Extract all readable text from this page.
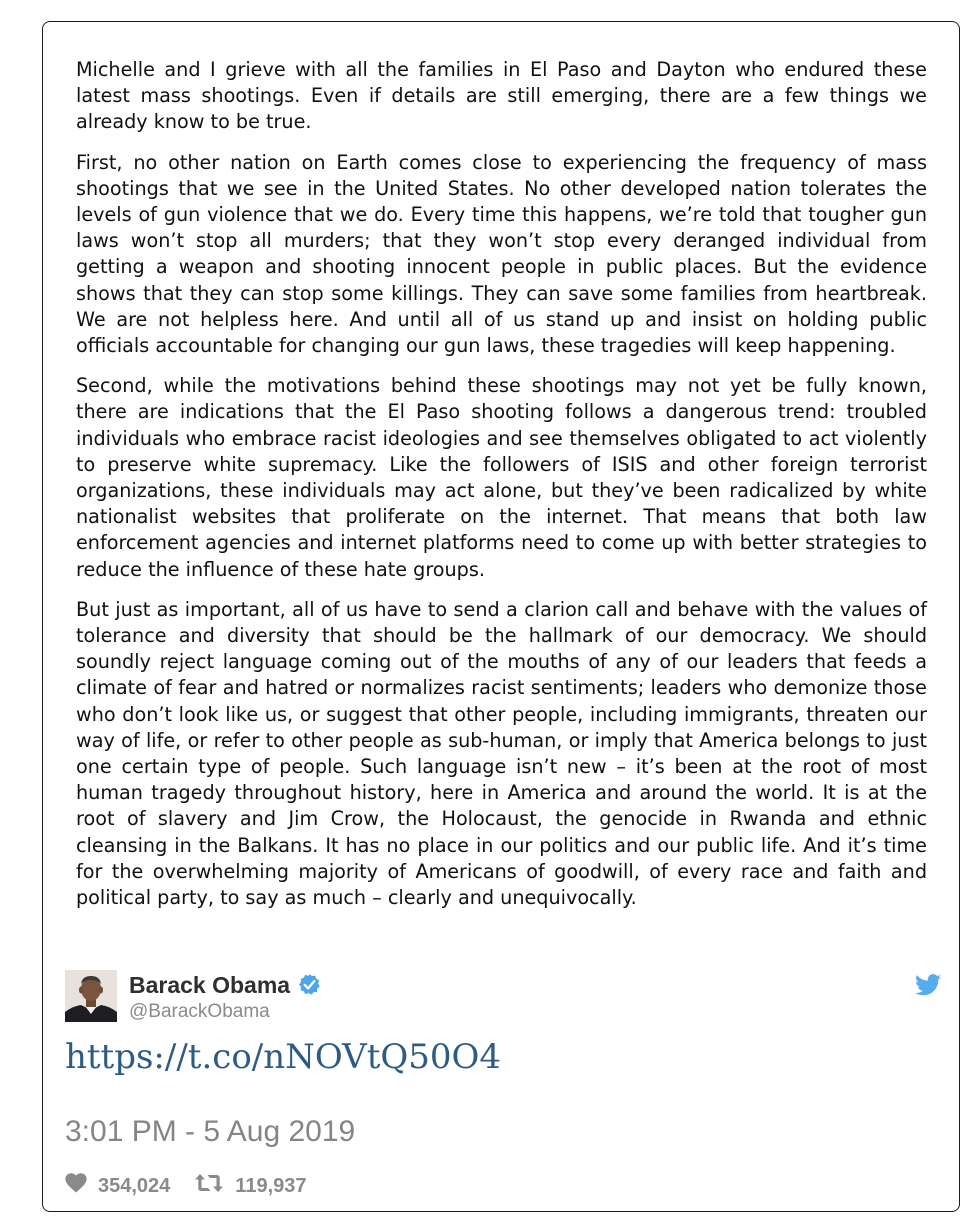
Michelle and I grieve with all the families in El Paso and Dayton who endured these latest mass shootings. Even if details are still emerging, there are a few things we already know to be true.

First, no other nation on Earth comes close to experiencing the frequency of mass shootings that we see in the United States. No other developed nation tolerates the levels of gun violence that we do. Every time this happens, we’re told that tougher gun laws won’t stop all murders; that they won’t stop every deranged individual from getting a weapon and shooting innocent people in public places. But the evidence shows that they can stop some killings. They can save some families from heartbreak. We are not helpless here. And until all of us stand up and insist on holding public officials accountable for changing our gun laws, these tragedies will keep happening.

Second, while the motivations behind these shootings may not yet be fully known, there are indications that the El Paso shooting follows a dangerous trend: troubled individuals who embrace racist ideologies and see themselves obligated to act violently to preserve white supremacy. Like the followers of ISIS and other foreign terrorist organizations, these individuals may act alone, but they’ve been radicalized by white nationalist websites that proliferate on the internet. That means that both law enforcement agencies and internet platforms need to come up with better strategies to reduce the influence of these hate groups.

But just as important, all of us have to send a clarion call and behave with the values of tolerance and diversity that should be the hallmark of our democracy. We should soundly reject language coming out of the mouths of any of our leaders that feeds a climate of fear and hatred or normalizes racist sentiments; leaders who demonize those who don’t look like us, or suggest that other people, including immigrants, threaten our way of life, or refer to other people as sub-human, or imply that America belongs to just one certain type of people. Such language isn’t new – it’s been at the root of most human tragedy throughout history, here in America and around the world. It is at the root of slavery and Jim Crow, the Holocaust, the genocide in Rwanda and ethnic cleansing in the Balkans. It has no place in our politics and our public life. And it’s time for the overwhelming majority of Americans of goodwill, of every race and faith and political party, to say as much – clearly and unequivocally.

Barack Obama
@BarackObama
https://t.co/nNOVtQ50O4
3:01 PM - 5 Aug 2019
354,024	119,937
